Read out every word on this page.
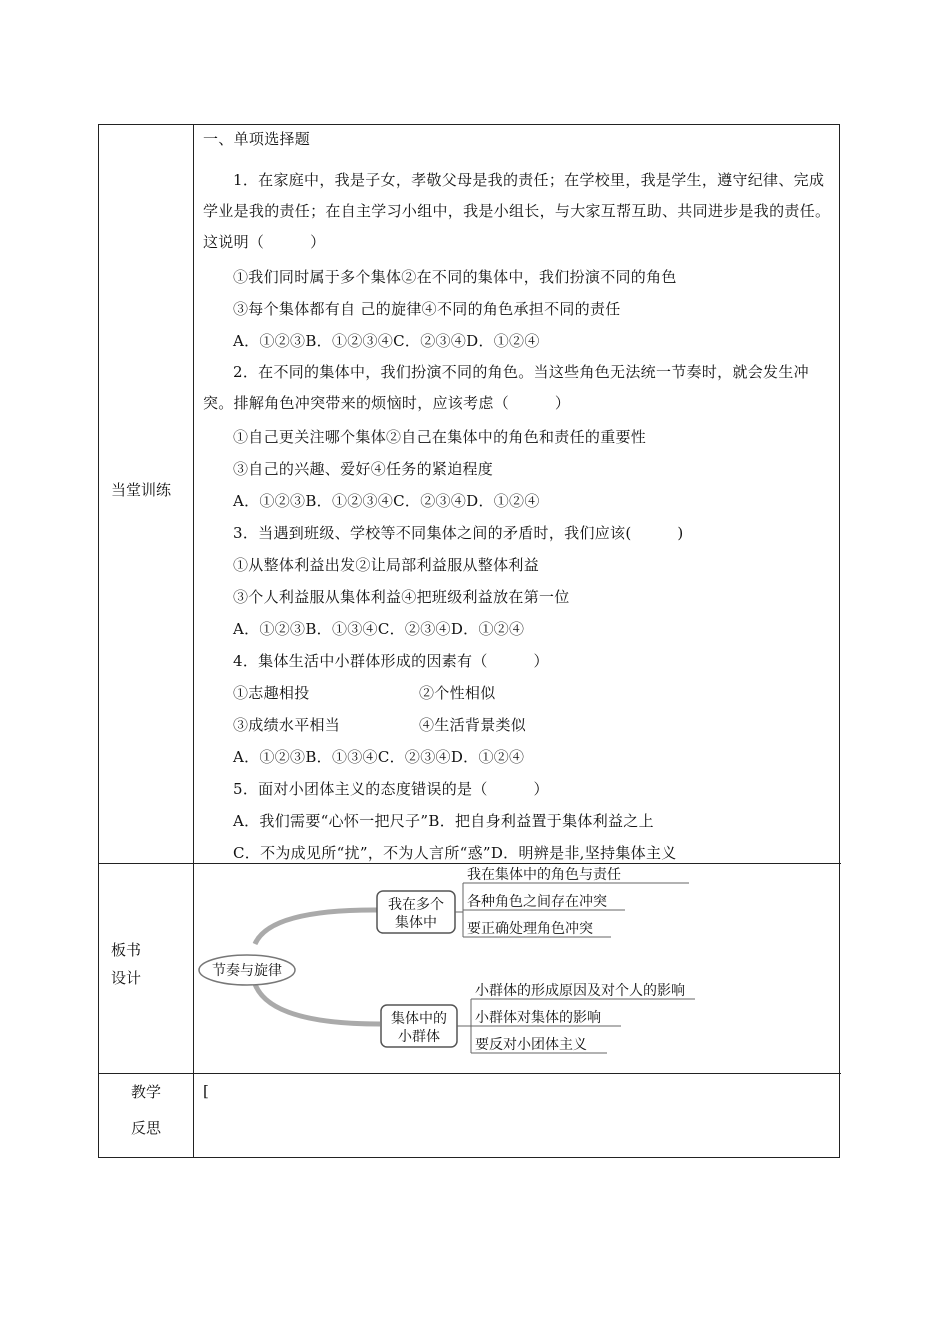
当堂训练
板书
设计
教学
反思
一、单项选择题
1．在家庭中，我是子女，孝敬父母是我的责任；在学校里，我是学生，遵守纪律、完成学业是我的责任；在自主学习小组中，我是小组长，与大家互帮互助、共同进步是我的责任。这说明（　　　）
①我们同时属于多个集体②在不同的集体中，我们扮演不同的角色
③每个集体都有自 己的旋律④不同的角色承担不同的责任
A．①②③B．①②③④C．②③④D．①②④
2．在不同的集体中，我们扮演不同的角色。当这些角色无法统一节奏时，就会发生冲突。排解角色冲突带来的烦恼时，应该考虑（　　　）
①自己更关注哪个集体②自己在集体中的角色和责任的重要性
③自己的兴趣、爱好④任务的紧迫程度
A．①②③B．①②③④C．②③④D．①②④
3．当遇到班级、学校等不同集体之间的矛盾时，我们应该(　　　)
①从整体利益出发②让局部利益服从整体利益
③个人利益服从集体利益④把班级利益放在第一位
A．①②③B．①③④C．②③④D．①②④
4．集体生活中小群体形成的因素有（　　　）
①志趣相投	②个性相似
③成绩水平相当	④生活背景类似
A．①②③B．①③④C．②③④D．①②④
5．面对小团体主义的态度错误的是（　　　）
A．我们需要“心怀一把尺子”B．把自身利益置于集体利益之上
C．不为成见所“扰”，不为人言所“惑”D．明辨是非,坚持集体主义
节奏与旋律
我在多个
集体中
我在集体中的角色与责任
各种角色之间存在冲突
要正确处理角色冲突
集体中的
小群体
小群体的形成原因及对个人的影响
小群体对集体的影响
要反对小团体主义
[
